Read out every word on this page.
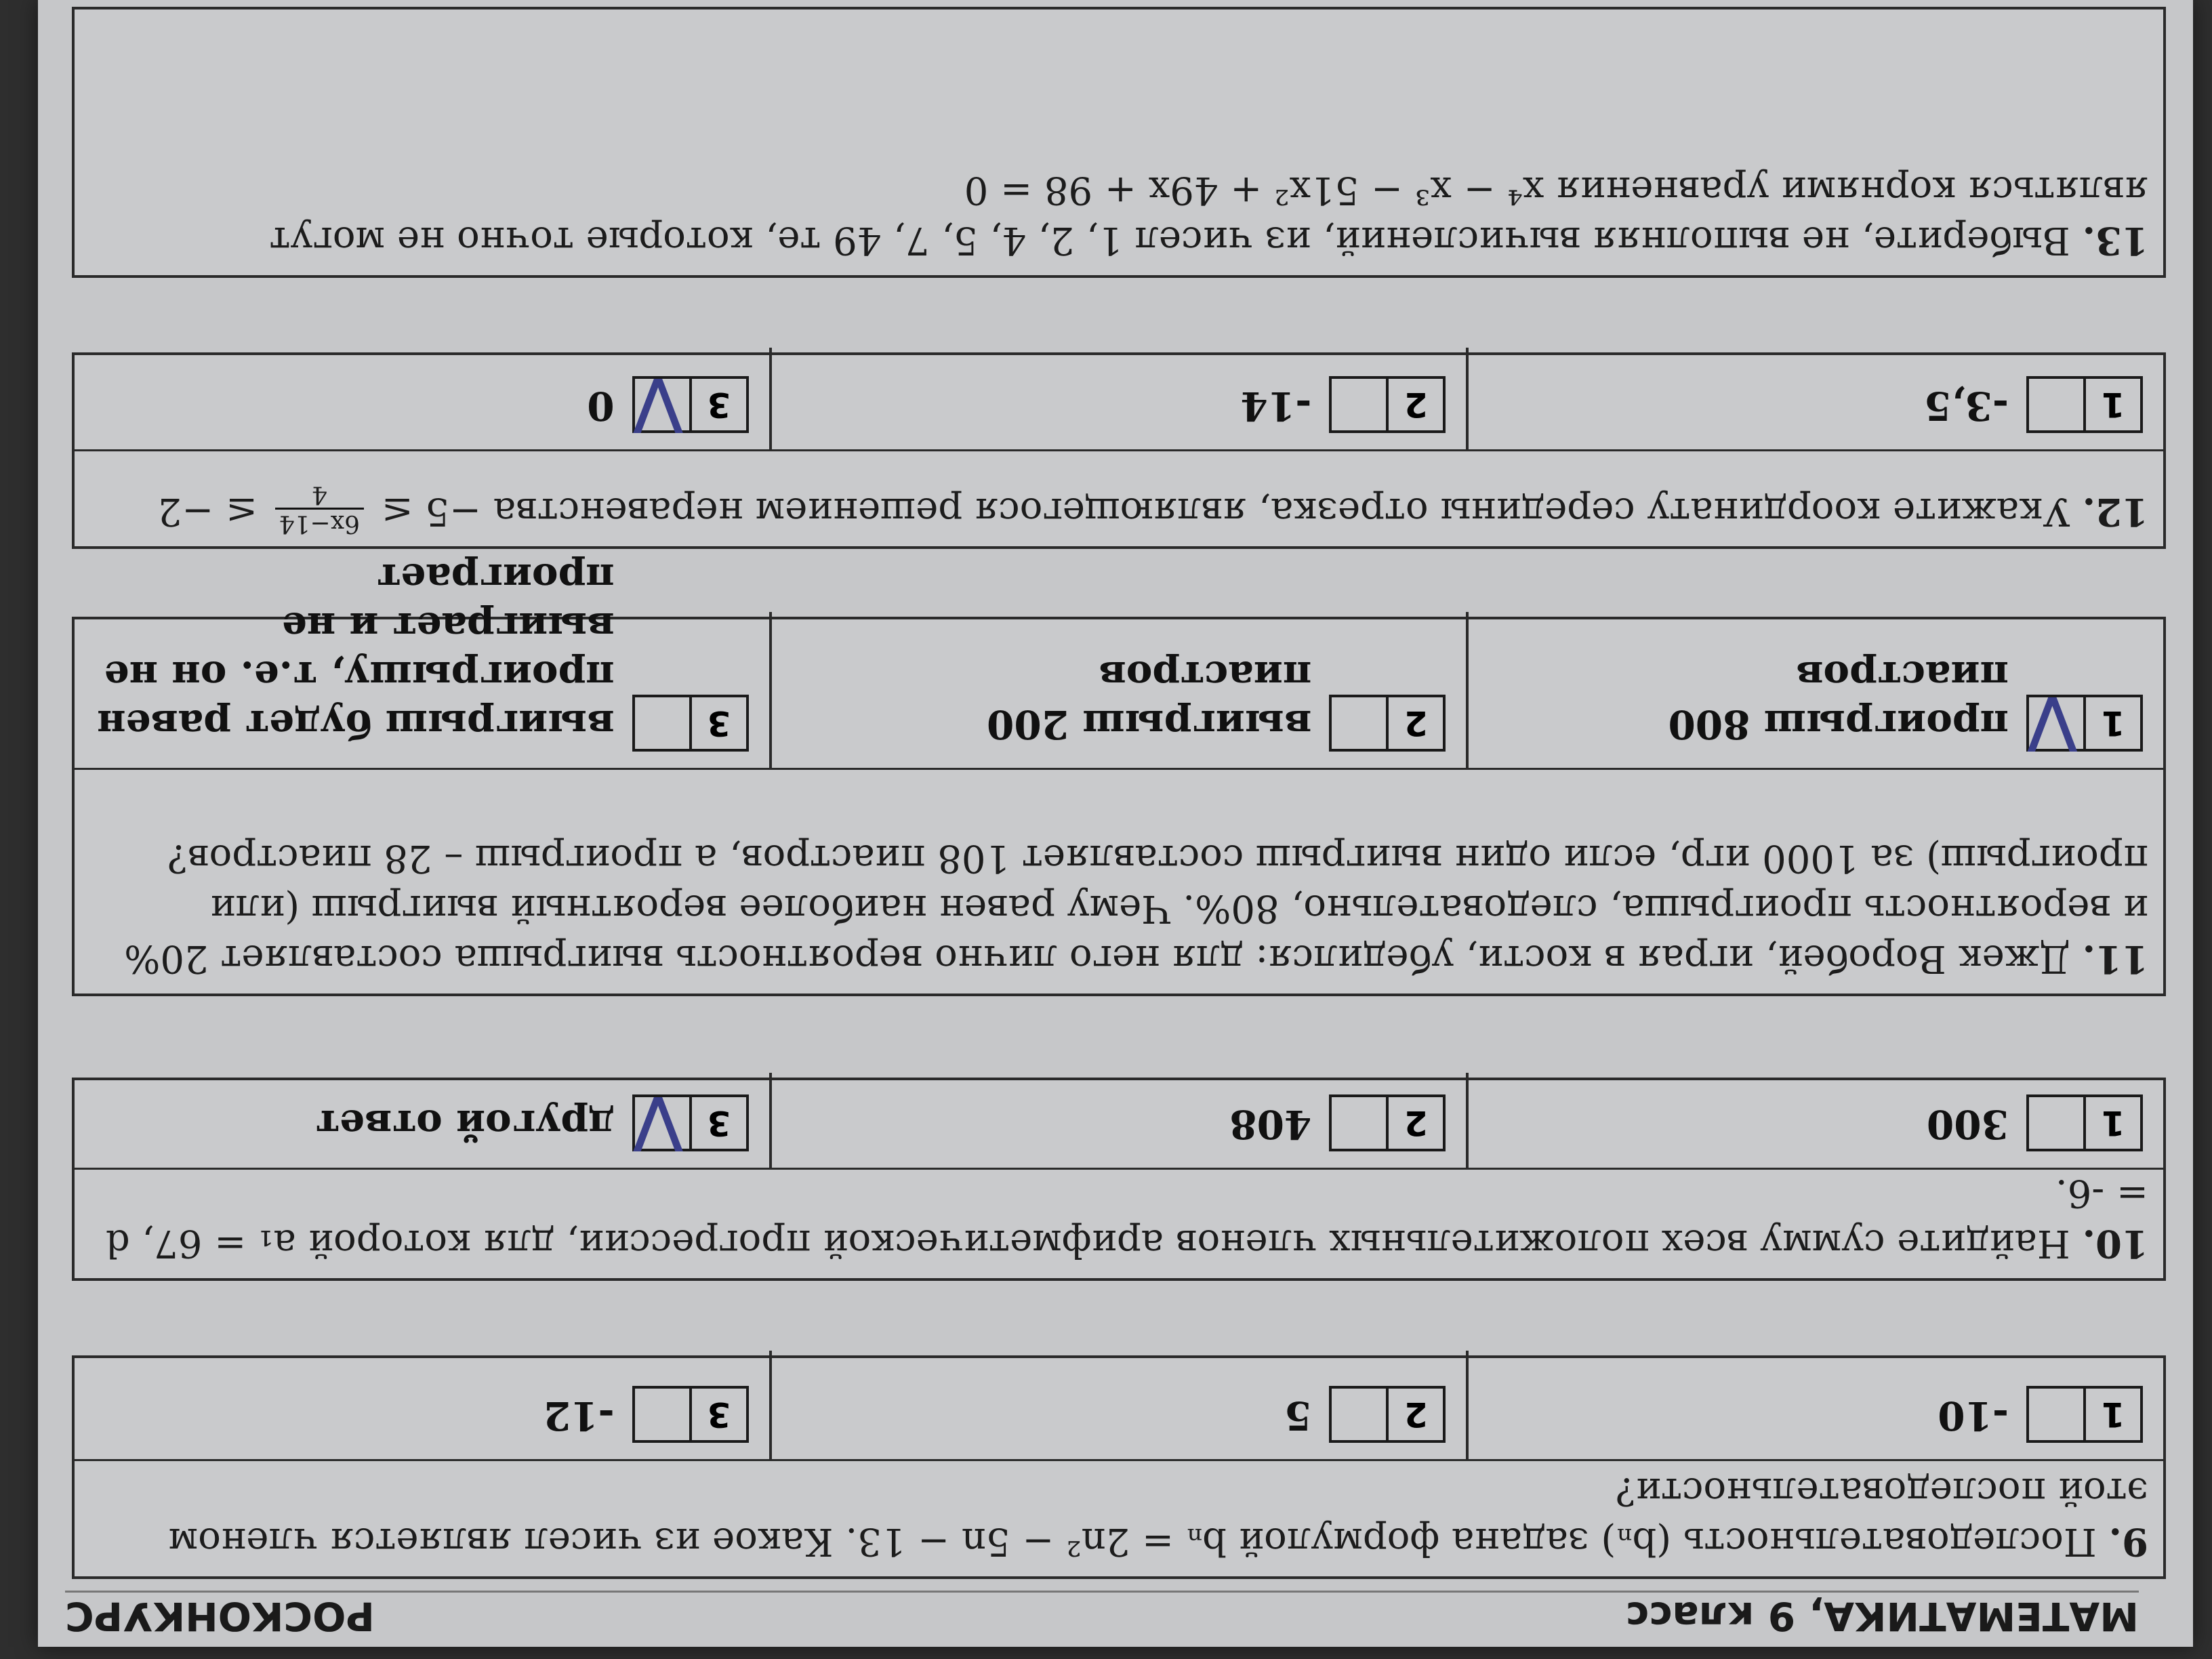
МАТЕМАТИКА, 9 класс
РОСКОНКУРС
9. Последовательность (bₙ) задана формулой bₙ = 2n² − 5n − 13. Какое из чисел является членом этой последовательности?
1
-10
2
5
3
-12
10. Найдите сумму всех положительных членов арифметической прогрессии, для которой a₁ = 67, d = -6.
1
300
2
408
3
V
другой ответ
11. Джек Воробей, играя в кости, убедился: для него лично вероятность выигрыша составляет 20% и вероятность проигрыша, следовательно, 80%. Чему равен наиболее вероятный выигрыш (или проигрыш) за 1000 игр, если один выигрыш составляет 108 пиастров, а проигрыш – 28 пиастров?
1
V
проигрыш 800 пиастров
2
выигрыш 200 пиастров
3
выигрыш будет равен проигрышу, т.е. он не выиграет и не проиграет
12. Укажите координату середины отрезка, являющегося решением неравенства −5 ≤
6x−14
4
≤ −2
1
-3,5
2
-14
3
V
0
13. Выберите, не выполняя вычислений, из чисел 1, 2, 4, 5, 7, 49 те, которые точно не могут являться корнями уравнения x⁴ − x³ − 51x² + 49x + 98 = 0
